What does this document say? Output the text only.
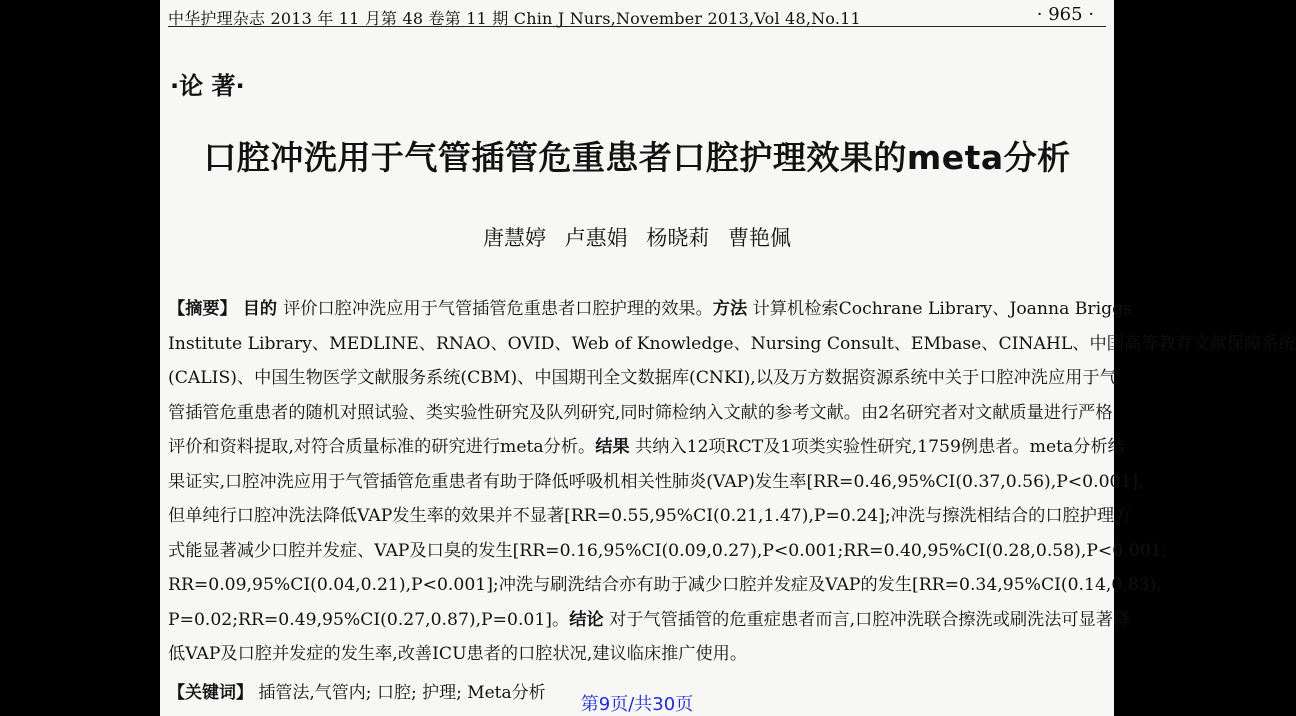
中华护理杂志 2013 年 11 月第 48 卷第 11 期 Chin J Nurs,November 2013,Vol 48,No.11	· 965 ·
·论 著·
口腔冲洗用于气管插管危重患者口腔护理效果的meta分析
唐慧婷 卢惠娟 杨晓莉 曹艳佩
【摘要】 目的 评价口腔冲洗应用于气管插管危重患者口腔护理的效果。方法 计算机检索Cochrane Library、Joanna Briggs
Institute Library、MEDLINE、RNAO、OVID、Web of Knowledge、Nursing Consult、EMbase、CINAHL、中国高等教育文献保障系统
(CALIS)、中国生物医学文献服务系统(CBM)、中国期刊全文数据库(CNKI),以及万方数据资源系统中关于口腔冲洗应用于气
管插管危重患者的随机对照试验、类实验性研究及队列研究,同时筛检纳入文献的参考文献。由2名研究者对文献质量进行严格
评价和资料提取,对符合质量标准的研究进行meta分析。结果 共纳入12项RCT及1项类实验性研究,1759例患者。meta分析结
果证实,口腔冲洗应用于气管插管危重患者有助于降低呼吸机相关性肺炎(VAP)发生率[RR=0.46,95%CI(0.37,0.56),P<0.001],
但单纯行口腔冲洗法降低VAP发生率的效果并不显著[RR=0.55,95%CI(0.21,1.47),P=0.24];冲洗与擦洗相结合的口腔护理方
式能显著减少口腔并发症、VAP及口臭的发生[RR=0.16,95%CI(0.09,0.27),P<0.001;RR=0.40,95%CI(0.28,0.58),P<0.001;
RR=0.09,95%CI(0.04,0.21),P<0.001];冲洗与刷洗结合亦有助于减少口腔并发症及VAP的发生[RR=0.34,95%CI(0.14,0.83),
P=0.02;RR=0.49,95%CI(0.27,0.87),P=0.01]。结论 对于气管插管的危重症患者而言,口腔冲洗联合擦洗或刷洗法可显著降
低VAP及口腔并发症的发生率,改善ICU患者的口腔状况,建议临床推广使用。
【关键词】 插管法,气管内; 口腔; 护理; Meta分析
第9页/共30页
